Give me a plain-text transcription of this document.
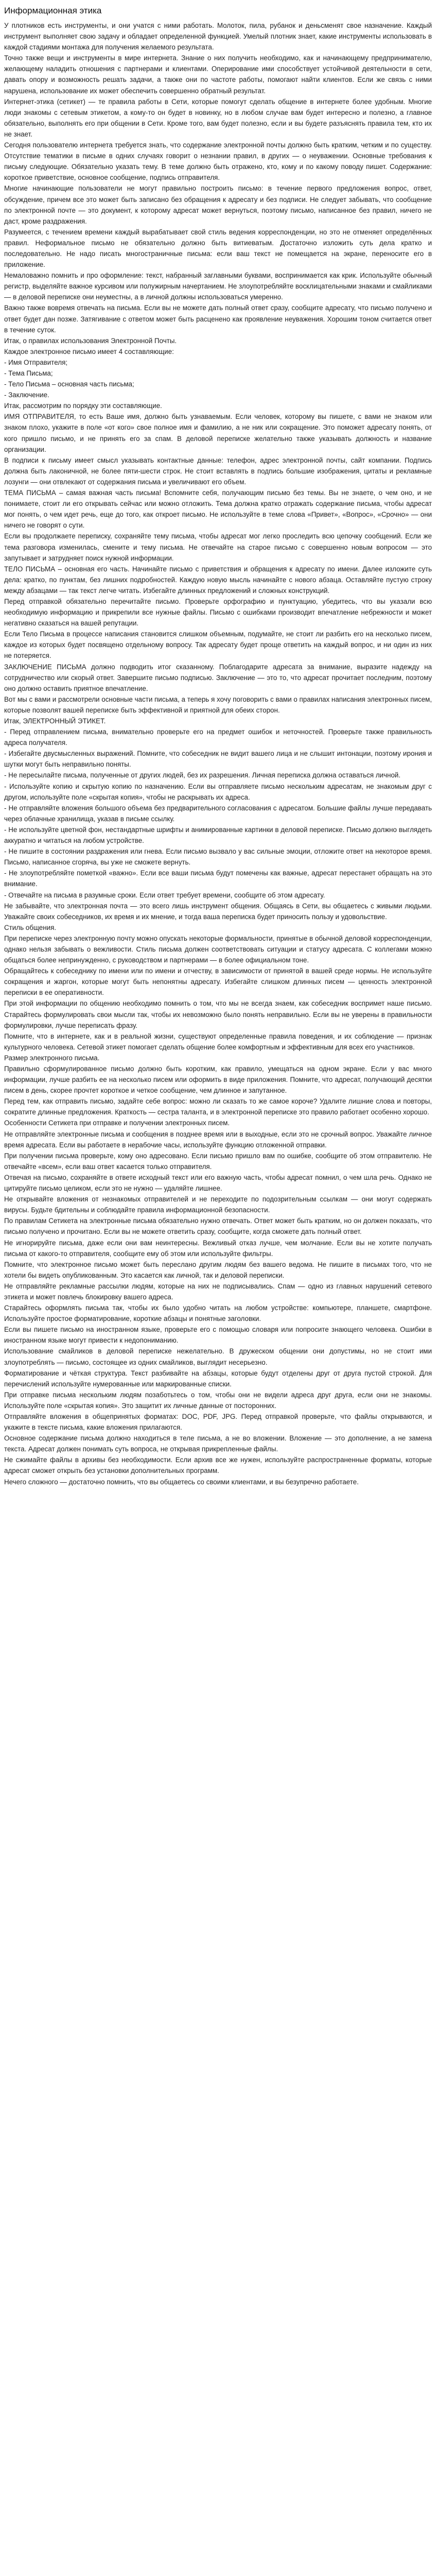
Информационная этика

У плотников есть инструменты, и они учатся с ними работать. Молоток, пила, рубанок и деньсменят свое назначение. Каждый инструмент выполняет свою задачу и обладает определенной функцией. Умелый плотник знает, какие инструменты использовать в каждой стадиями монтажа для получения желаемого результата.

Точно также вещи и инструменты в мире интернета. Знание о них получить необходимо, как и начинающему предпринимателю, желающему наладить отношения с партнерами и клиентами. Оперирование ими способствует устойчивой деятельности в сети, давать опору и возможность решать задачи, а также они по частоте работы, помогают найти клиентов. Если же связь с ними нарушена, использование их может обеспечить совершенно обратный результат.

Интернет-этика (сетикет) — те правила работы в Сети, которые помогут сделать общение в интернете более удобным. Многие люди знакомы с сетевым этикетом, а кому-то он будет в новинку, но в любом случае вам будет интересно и полезно, а главное обязательно, выполнять его при общении в Сети. Кроме того, вам будет полезно, если и вы будете разъяснять правила тем, кто их не знает.

Сегодня пользователю интернета требуется знать, что содержание электронной почты должно быть кратким, четким и по существу. Отсутствие тематики в письме в одних случаях говорит о незнании правил, в других — о неуважении. Основные требования к письму следующие. Обязательно указать тему. В теме должно быть отражено, кто, кому и по какому поводу пишет. Содержание: короткое приветствие, основное сообщение, подпись отправителя.

Многие начинающие пользователи не могут правильно построить письмо: в течение первого предложения вопрос, ответ, обсуждение, причем все это может быть записано без обращения к адресату и без подписи. Не следует забывать, что сообщение по электронной почте — это документ, к которому адресат может вернуться, поэтому письмо, написанное без правил, ничего не даст, кроме раздражения.

Разумеется, с течением времени каждый вырабатывает свой стиль ведения корреспонденции, но это не отменяет определённых правил. Неформальное письмо не обязательно должно быть витиеватым. Достаточно изложить суть дела кратко и последовательно. Не надо писать многостраничные письма: если ваш текст не помещается на экране, переносите его в приложение.

Немаловажно помнить и про оформление: текст, набранный заглавными буквами, воспринимается как крик. Используйте обычный регистр, выделяйте важное курсивом или полужирным начертанием. Не злоупотребляйте восклицательными знаками и смайликами — в деловой переписке они неуместны, а в личной должны использоваться умеренно.

Важно также вовремя отвечать на письма. Если вы не можете дать полный ответ сразу, сообщите адресату, что письмо получено и ответ будет дан позже. Затягивание с ответом может быть расценено как проявление неуважения. Хорошим тоном считается ответ в течение суток.

Итак, о правилах использования Электронной Почты.

Каждое электронное письмо имеет 4 составляющие:

- Имя Отправителя;

- Тема Письма;

- Тело Письма – основная часть письма;

- Заключение.

Итак, рассмотрим по порядку эти составляющие.

ИМЯ ОТПРАВИТЕЛЯ, то есть Ваше имя, должно быть узнаваемым. Если человек, которому вы пишете, с вами не знаком или знаком плохо, укажите в поле «от кого» свое полное имя и фамилию, а не ник или сокращение. Это поможет адресату понять, от кого пришло письмо, и не принять его за спам. В деловой переписке желательно также указывать должность и название организации.

В подписи к письму имеет смысл указывать контактные данные: телефон, адрес электронной почты, сайт компании. Подпись должна быть лаконичной, не более пяти-шести строк. Не стоит вставлять в подпись большие изображения, цитаты и рекламные лозунги — они отвлекают от содержания письма и увеличивают его объем.

ТЕМА ПИСЬМА – самая важная часть письма! Вспомните себя, получающим письмо без темы. Вы не знаете, о чем оно, и не понимаете, стоит ли его открывать сейчас или можно отложить. Тема должна кратко отражать содержание письма, чтобы адресат мог понять, о чем идет речь, еще до того, как откроет письмо. Не используйте в теме слова «Привет», «Вопрос», «Срочно» — они ничего не говорят о сути.

Если вы продолжаете переписку, сохраняйте тему письма, чтобы адресат мог легко проследить всю цепочку сообщений. Если же тема разговора изменилась, смените и тему письма. Не отвечайте на старое письмо с совершенно новым вопросом — это запутывает и затрудняет поиск нужной информации.

ТЕЛО ПИСЬМА – основная его часть. Начинайте письмо с приветствия и обращения к адресату по имени. Далее изложите суть дела: кратко, по пунктам, без лишних подробностей. Каждую новую мысль начинайте с нового абзаца. Оставляйте пустую строку между абзацами — так текст легче читать. Избегайте длинных предложений и сложных конструкций.

Перед отправкой обязательно перечитайте письмо. Проверьте орфографию и пунктуацию, убедитесь, что вы указали всю необходимую информацию и прикрепили все нужные файлы. Письмо с ошибками производит впечатление небрежности и может негативно сказаться на вашей репутации.

Если Тело Письма в процессе написания становится слишком объемным, подумайте, не стоит ли разбить его на несколько писем, каждое из которых будет посвящено отдельному вопросу. Так адресату будет проще ответить на каждый вопрос, и ни один из них не потеряется.

ЗАКЛЮЧЕНИЕ ПИСЬМА должно подводить итог сказанному. Поблагодарите адресата за внимание, выразите надежду на сотрудничество или скорый ответ. Завершите письмо подписью. Заключение — это то, что адресат прочитает последним, поэтому оно должно оставить приятное впечатление.

Вот мы с вами и рассмотрели основные части письма, а теперь я хочу поговорить с вами о правилах написания электронных писем, которые позволят вашей переписке быть эффективной и приятной для обеих сторон.

Итак, ЭЛЕКТРОННЫЙ ЭТИКЕТ.

- Перед отправлением письма, внимательно проверьте его на предмет ошибок и неточностей. Проверьте также правильность адреса получателя.

- Избегайте двусмысленных выражений. Помните, что собеседник не видит вашего лица и не слышит интонации, поэтому ирония и шутки могут быть неправильно поняты.

- Не пересылайте письма, полученные от других людей, без их разрешения. Личная переписка должна оставаться личной.

- Используйте копию и скрытую копию по назначению. Если вы отправляете письмо нескольким адресатам, не знакомым друг с другом, используйте поле «скрытая копия», чтобы не раскрывать их адреса.

- Не отправляйте вложения большого объема без предварительного согласования с адресатом. Большие файлы лучше передавать через облачные хранилища, указав в письме ссылку.

- Не используйте цветной фон, нестандартные шрифты и анимированные картинки в деловой переписке. Письмо должно выглядеть аккуратно и читаться на любом устройстве.

- Не пишите в состоянии раздражения или гнева. Если письмо вызвало у вас сильные эмоции, отложите ответ на некоторое время. Письмо, написанное сгоряча, вы уже не сможете вернуть.

- Не злоупотребляйте пометкой «важно». Если все ваши письма будут помечены как важные, адресат перестанет обращать на это внимание.

- Отвечайте на письма в разумные сроки. Если ответ требует времени, сообщите об этом адресату.

Не забывайте, что электронная почта — это всего лишь инструмент общения. Общаясь в Сети, вы общаетесь с живыми людьми. Уважайте своих собеседников, их время и их мнение, и тогда ваша переписка будет приносить пользу и удовольствие.

Стиль общения.

При переписке через электронную почту можно опускать некоторые формальности, принятые в обычной деловой корреспонденции, однако нельзя забывать о вежливости. Стиль письма должен соответствовать ситуации и статусу адресата. С коллегами можно общаться более непринужденно, с руководством и партнерами — в более официальном тоне.

Обращайтесь к собеседнику по имени или по имени и отчеству, в зависимости от принятой в вашей среде нормы. Не используйте сокращения и жаргон, которые могут быть непонятны адресату. Избегайте слишком длинных писем — ценность электронной переписки в ее оперативности.

При этой информации по общению необходимо помнить о том, что мы не всегда знаем, как собеседник воспримет наше письмо. Старайтесь формулировать свои мысли так, чтобы их невозможно было понять неправильно. Если вы не уверены в правильности формулировки, лучше переписать фразу.

Помните, что в интернете, как и в реальной жизни, существуют определенные правила поведения, и их соблюдение — признак культурного человека. Сетевой этикет помогает сделать общение более комфортным и эффективным для всех его участников.

Размер электронного письма.

Правильно сформулированное письмо должно быть коротким, как правило, умещаться на одном экране. Если у вас много информации, лучше разбить ее на несколько писем или оформить в виде приложения. Помните, что адресат, получающий десятки писем в день, скорее прочтет короткое и четкое сообщение, чем длинное и запутанное.

Перед тем, как отправить письмо, задайте себе вопрос: можно ли сказать то же самое короче? Удалите лишние слова и повторы, сократите длинные предложения. Краткость — сестра таланта, и в электронной переписке это правило работает особенно хорошо.

Особенности Сетикета при отправке и получении электронных писем.

Не отправляйте электронные письма и сообщения в позднее время или в выходные, если это не срочный вопрос. Уважайте личное время адресата. Если вы работаете в нерабочие часы, используйте функцию отложенной отправки.

При получении письма проверьте, кому оно адресовано. Если письмо пришло вам по ошибке, сообщите об этом отправителю. Не отвечайте «всем», если ваш ответ касается только отправителя.

Отвечая на письмо, сохраняйте в ответе исходный текст или его важную часть, чтобы адресат помнил, о чем шла речь. Однако не цитируйте письмо целиком, если это не нужно — удаляйте лишнее.

Не открывайте вложения от незнакомых отправителей и не переходите по подозрительным ссылкам — они могут содержать вирусы. Будьте бдительны и соблюдайте правила информационной безопасности.

По правилам Сетикета на электронные письма обязательно нужно отвечать. Ответ может быть кратким, но он должен показать, что письмо получено и прочитано. Если вы не можете ответить сразу, сообщите, когда сможете дать полный ответ.

Не игнорируйте письма, даже если они вам неинтересны. Вежливый отказ лучше, чем молчание. Если вы не хотите получать письма от какого-то отправителя, сообщите ему об этом или используйте фильтры.

Помните, что электронное письмо может быть переслано другим людям без вашего ведома. Не пишите в письмах того, что не хотели бы видеть опубликованным. Это касается как личной, так и деловой переписки.

Не отправляйте рекламные рассылки людям, которые на них не подписывались. Спам — одно из главных нарушений сетевого этикета и может повлечь блокировку вашего адреса.

Старайтесь оформлять письма так, чтобы их было удобно читать на любом устройстве: компьютере, планшете, смартфоне. Используйте простое форматирование, короткие абзацы и понятные заголовки.

Если вы пишете письмо на иностранном языке, проверьте его с помощью словаря или попросите знающего человека. Ошибки в иностранном языке могут привести к недопониманию.

Использование смайликов в деловой переписке нежелательно. В дружеском общении они допустимы, но не стоит ими злоупотреблять — письмо, состоящее из одних смайликов, выглядит несерьезно.

Форматирование и чёткая структура. Текст разбивайте на абзацы, которые будут отделены друг от друга пустой строкой. Для перечислений используйте нумерованные или маркированные списки.

При отправке письма нескольким людям позаботьтесь о том, чтобы они не видели адреса друг друга, если они не знакомы. Используйте поле «скрытая копия». Это защитит их личные данные от посторонних.

Отправляйте вложения в общепринятых форматах: DOC, PDF, JPG. Перед отправкой проверьте, что файлы открываются, и укажите в тексте письма, какие вложения прилагаются.

Основное содержание письма должно находиться в теле письма, а не во вложении. Вложение — это дополнение, а не замена текста. Адресат должен понимать суть вопроса, не открывая прикрепленные файлы.

Не сжимайте файлы в архивы без необходимости. Если архив все же нужен, используйте распространенные форматы, которые адресат сможет открыть без установки дополнительных программ.

Нечего сложного — достаточно помнить, что вы общаетесь со своими клиентами, и вы безупречно работаете.
